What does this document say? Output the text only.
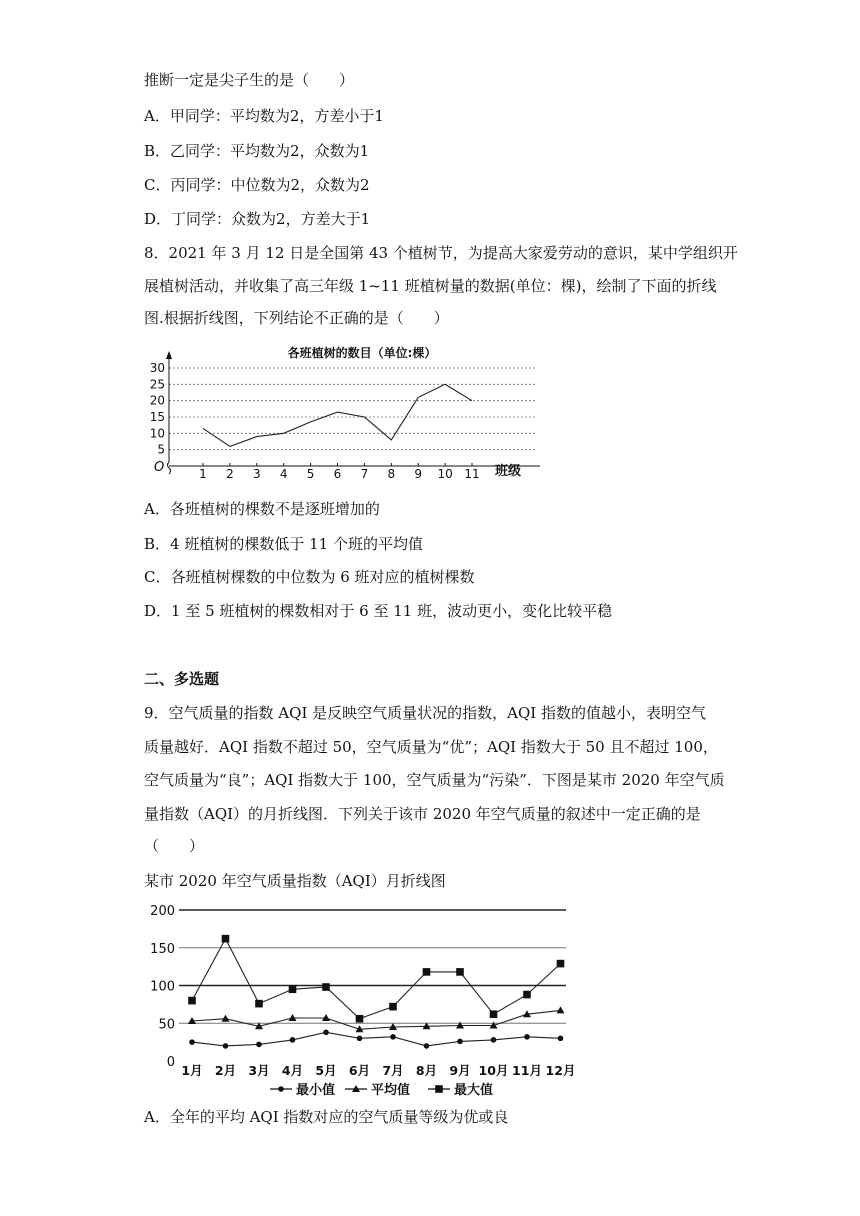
推断一定是尖子生的是（　　）
A．甲同学：平均数为2，方差小于1
B．乙同学：平均数为2，众数为1
C．丙同学：中位数为2，众数为2
D．丁同学：众数为2，方差大于1
8．2021 年 3 月 12 日是全国第 43 个植树节，为提高大家爱劳动的意识，某中学组织开
展植树活动，并收集了高三年级 1~11 班植树量的数据(单位：棵)，绘制了下面的折线
图.根据折线图，下列结论不正确的是（　　）
各班植树的数目（单位:棵）
5
10
15
20
25
30
1 2 3 4 5 6 7 8 9 10 11
O	班级
A．各班植树的棵数不是逐班增加的
B．4 班植树的棵数低于 11 个班的平均值
C．各班植树棵数的中位数为 6 班对应的植树棵数
D．1 至 5 班植树的棵数相对于 6 至 11 班，波动更小，变化比较平稳
二、多选题
9．空气质量的指数 AQI 是反映空气质量状况的指数，AQI 指数的值越小，表明空气
质量越好．AQI 指数不超过 50，空气质量为“优”；AQI 指数大于 50 且不超过 100，
空气质量为“良”；AQI 指数大于 100，空气质量为“污染”．下图是某市 2020 年空气质
量指数（AQI）的月折线图．下列关于该市 2020 年空气质量的叙述中一定正确的是
（　　）
某市 2020 年空气质量指数（AQI）月折线图
0
50
100
150
200
1月 2月 3月 4月 5月 6月 7月 8月 9月 10月 11月 12月
最小值	平均值	最大值
A．全年的平均 AQI 指数对应的空气质量等级为优或良
